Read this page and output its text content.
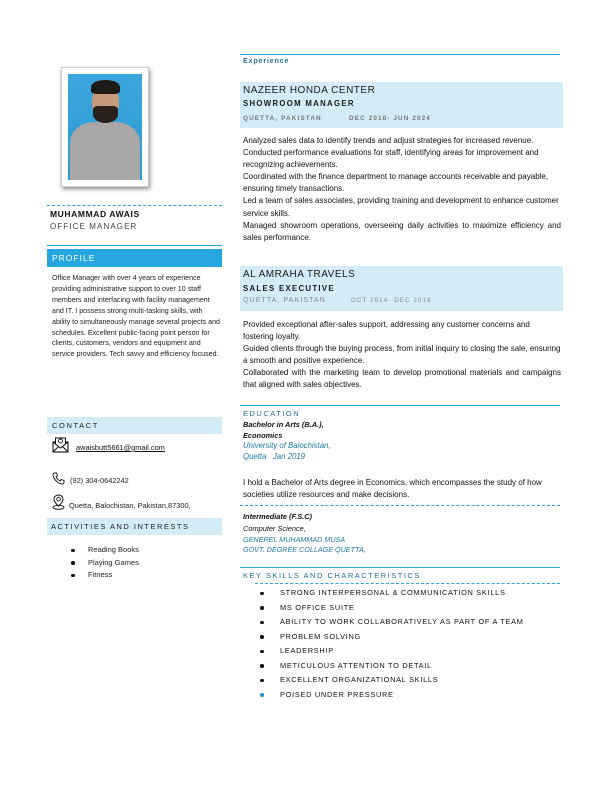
MUHAMMAD AWAIS
OFFICE MANAGER
PROFILE
Office Manager with over 4 years of experience providing administrative support to over 10 staff members and interfacing with facility management and IT. I possess strong multi-tasking skills, with ability to simultaneously manage several projects and schedules. Excellent public-facing point person for clients, customers, vendors and equipment and service providers. Tech savvy and efficiency focused.
CONTACT
awaisbutt5661@gmail.com
(92) 304-0642242
Quetta, Balochistan, Pakistan,87300,
ACTIVITIES AND INTERESTS
Reading Books
Playing Games
Fitness
Experience
NAZEER HONDA CENTER
SHOWROOM MANAGER
QUETTA, PAKISTAN	DEC 2018- JUN 2024

Analyzed sales data to identify trends and adjust strategies for increased revenue.

Conducted performance evaluations for staff, identifying areas for improvement and recognizing achievements.

Coordinated with the finance department to manage accounts receivable and payable, ensuring timely transactions.

Led a team of sales associates, providing training and development to enhance customer service skills.

Managed showroom operations, overseeing daily activities to maximize efficiency and sales performance.

AL AMRAHA TRAVELS
SALES EXECUTIVE
QUETTA, PAKISTAN	OCT 2014- DEC 2018

Provided exceptional after-sales support, addressing any customer concerns and fostering loyalty.

Guided clients through the buying process, from initial inquiry to closing the sale, ensuring a smooth and positive experience.

Collaborated with the marketing team to develop promotional materials and campaigns that aligned with sales objectives.

EDUCATION
Bachelor in Arts (B.A.),
Economics
University of Balochistan,
Quetta   Jan 2019
I hold a Bachelor of Arts degree in Economics, which encompasses the study of how societies utilize resources and make decisions.
Intermediate (F.S.C)
Computer Science,
GENEREL MUHAMMAD MUSA
GOVT. DEGREE COLLAGE QUETTA,
KEY SKILLS AND CHARACTERISTICS
STRONG INTERPERSONAL & COMMUNICATION SKILLS
MS OFFICE SUITE
ABILITY TO WORK COLLABORATIVELY AS PART OF A TEAM
PROBLEM SOLVING
LEADERSHIP
METICULOUS ATTENTION TO DETAIL
EXCELLENT ORGANIZATIONAL SKILLS
POISED UNDER PRESSURE
